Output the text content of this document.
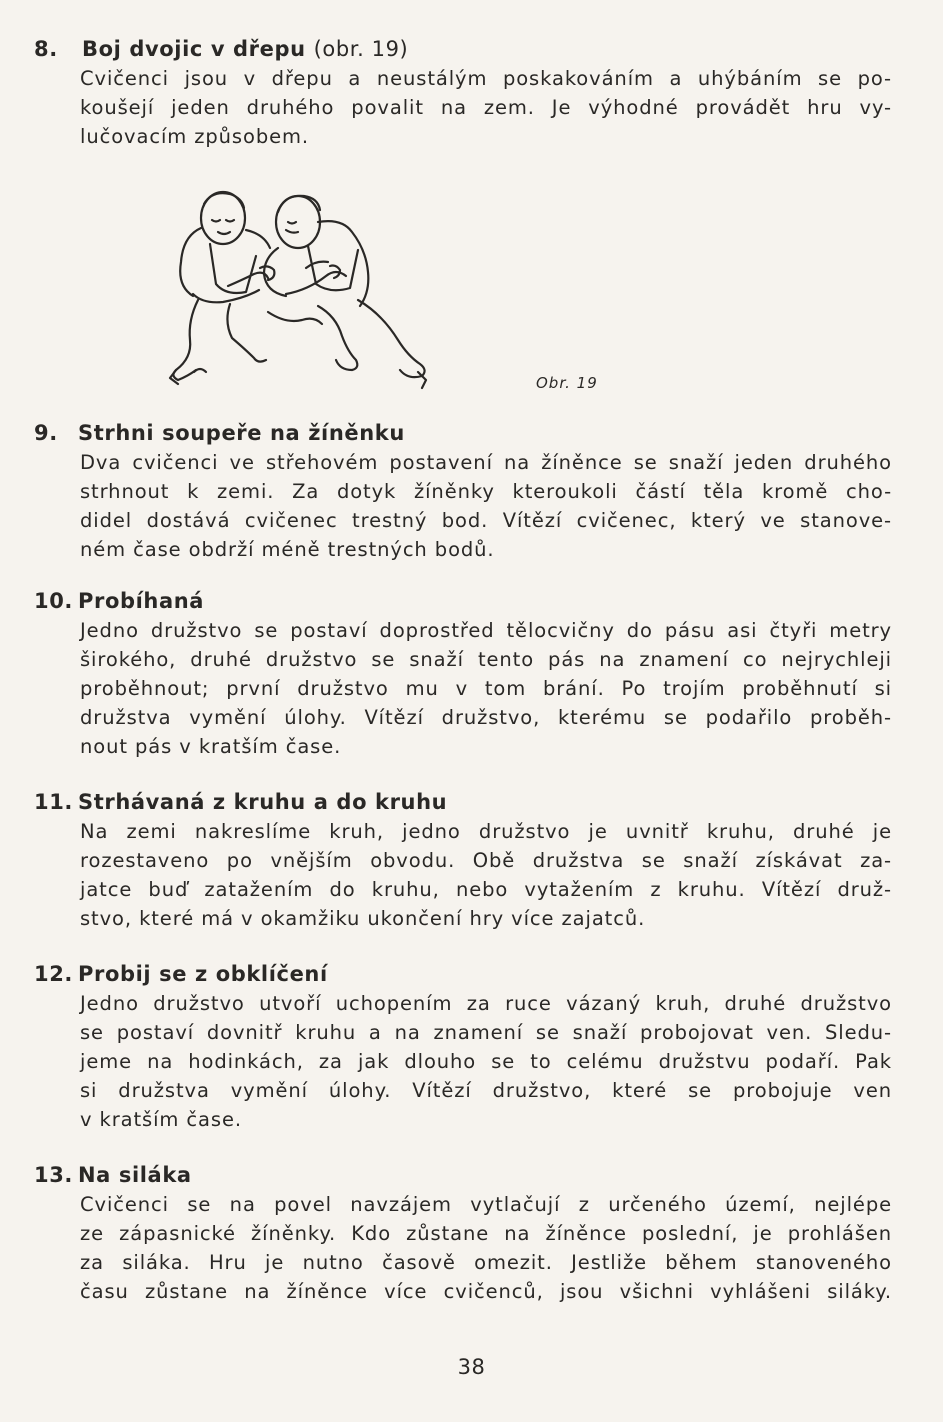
8. Boj dvojic v dřepu (obr. 19)
Cvičenci jsou v dřepu a neustálým poskakováním a uhýbáním se po-
koušejí jeden druhého povalit na zem. Je výhodné provádět hru vy-
lučovacím způsobem.
Obr. 19
9. Strhni soupeře na žíněnku
Dva cvičenci ve střehovém postavení na žíněnce se snaží jeden druhého
strhnout k zemi. Za dotyk žíněnky kteroukoli částí těla kromě cho-
didel dostává cvičenec trestný bod. Vítězí cvičenec, který ve stanove-
ném čase obdrží méně trestných bodů.
10. Probíhaná
Jedno družstvo se postaví doprostřed tělocvičny do pásu asi čtyři metry
širokého, druhé družstvo se snaží tento pás na znamení co nejrychleji
proběhnout; první družstvo mu v tom brání. Po trojím proběhnutí si
družstva vymění úlohy. Vítězí družstvo, kterému se podařilo proběh-
nout pás v kratším čase.
11. Strhávaná z kruhu a do kruhu
Na zemi nakreslíme kruh, jedno družstvo je uvnitř kruhu, druhé je
rozestaveno po vnějším obvodu. Obě družstva se snaží získávat za-
jatce buď zatažením do kruhu, nebo vytažením z kruhu. Vítězí druž-
stvo, které má v okamžiku ukončení hry více zajatců.
12. Probij se z obklíčení
Jedno družstvo utvoří uchopením za ruce vázaný kruh, druhé družstvo
se postaví dovnitř kruhu a na znamení se snaží probojovat ven. Sledu-
jeme na hodinkách, za jak dlouho se to celému družstvu podaří. Pak
si družstva vymění úlohy. Vítězí družstvo, které se probojuje ven
v kratším čase.
13. Na siláka
Cvičenci se na povel navzájem vytlačují z určeného území, nejlépe
ze zápasnické žíněnky. Kdo zůstane na žíněnce poslední, je prohlášen
za siláka. Hru je nutno časově omezit. Jestliže během stanoveného
času zůstane na žíněnce více cvičenců, jsou všichni vyhlášeni siláky.
38
